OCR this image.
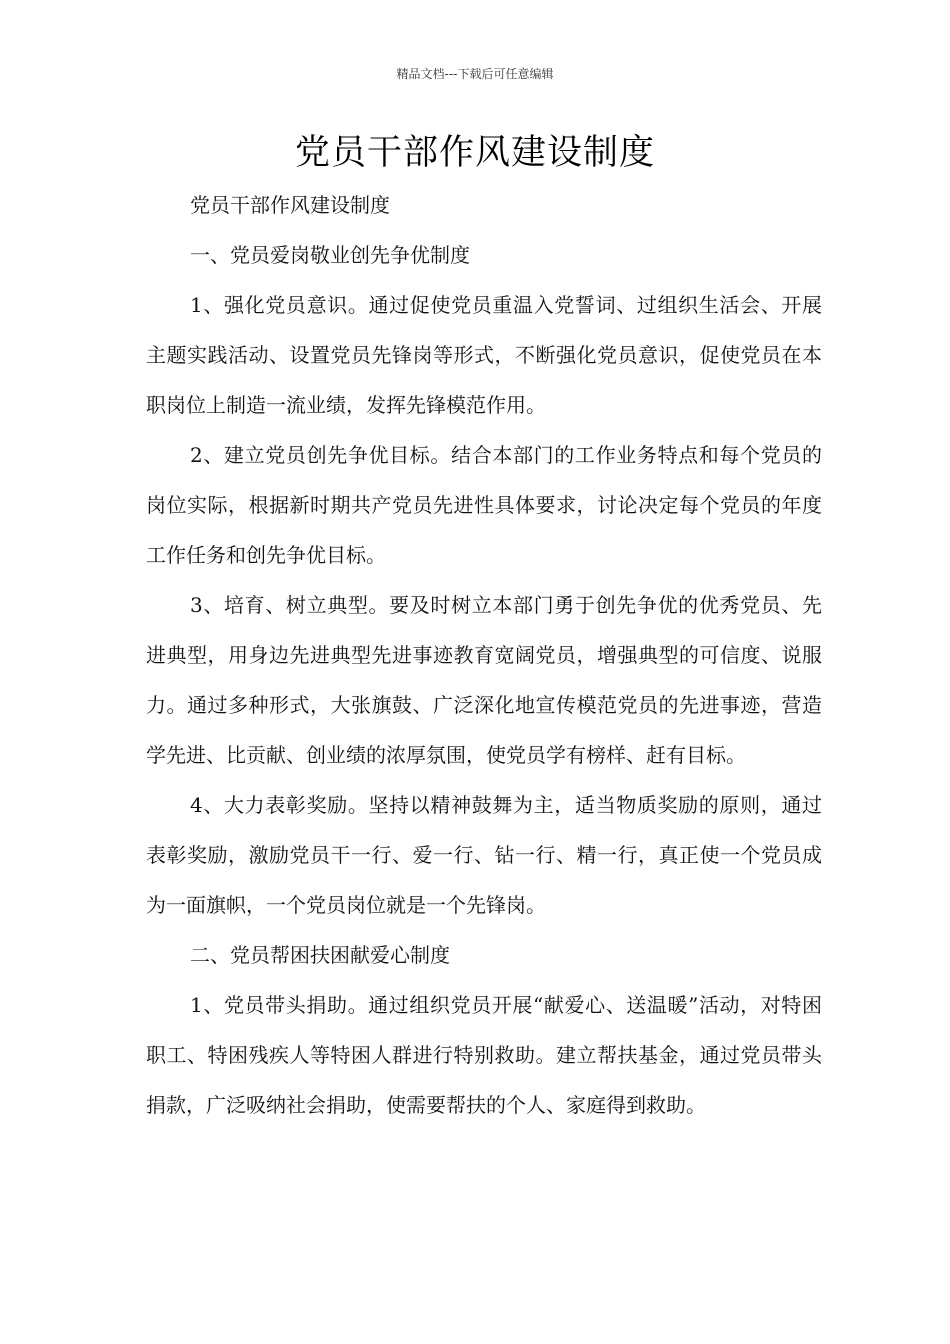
精品文档---下载后可任意编辑
党员干部作风建设制度

党员干部作风建设制度

一、党员爱岗敬业创先争优制度

1、强化党员意识。通过促使党员重温入党誓词、过组织生活会、开展主题实践活动、设置党员先锋岗等形式，不断强化党员意识，促使党员在本职岗位上制造一流业绩，发挥先锋模范作用。

2、建立党员创先争优目标。结合本部门的工作业务特点和每个党员的岗位实际，根据新时期共产党员先进性具体要求，讨论决定每个党员的年度工作任务和创先争优目标。

3、培育、树立典型。要及时树立本部门勇于创先争优的优秀党员、先进典型，用身边先进典型先进事迹教育宽阔党员，增强典型的可信度、说服力。通过多种形式，大张旗鼓、广泛深化地宣传模范党员的先进事迹，营造学先进、比贡献、创业绩的浓厚氛围，使党员学有榜样、赶有目标。

4、大力表彰奖励。坚持以精神鼓舞为主，适当物质奖励的原则，通过表彰奖励，激励党员干一行、爱一行、钻一行、精一行，真正使一个党员成为一面旗帜，一个党员岗位就是一个先锋岗。

二、党员帮困扶困献爱心制度

1、党员带头捐助。通过组织党员开展“献爱心、送温暖”活动，对特困职工、特困残疾人等特困人群进行特别救助。建立帮扶基金，通过党员带头捐款，广泛吸纳社会捐助，使需要帮扶的个人、家庭得到救助。
